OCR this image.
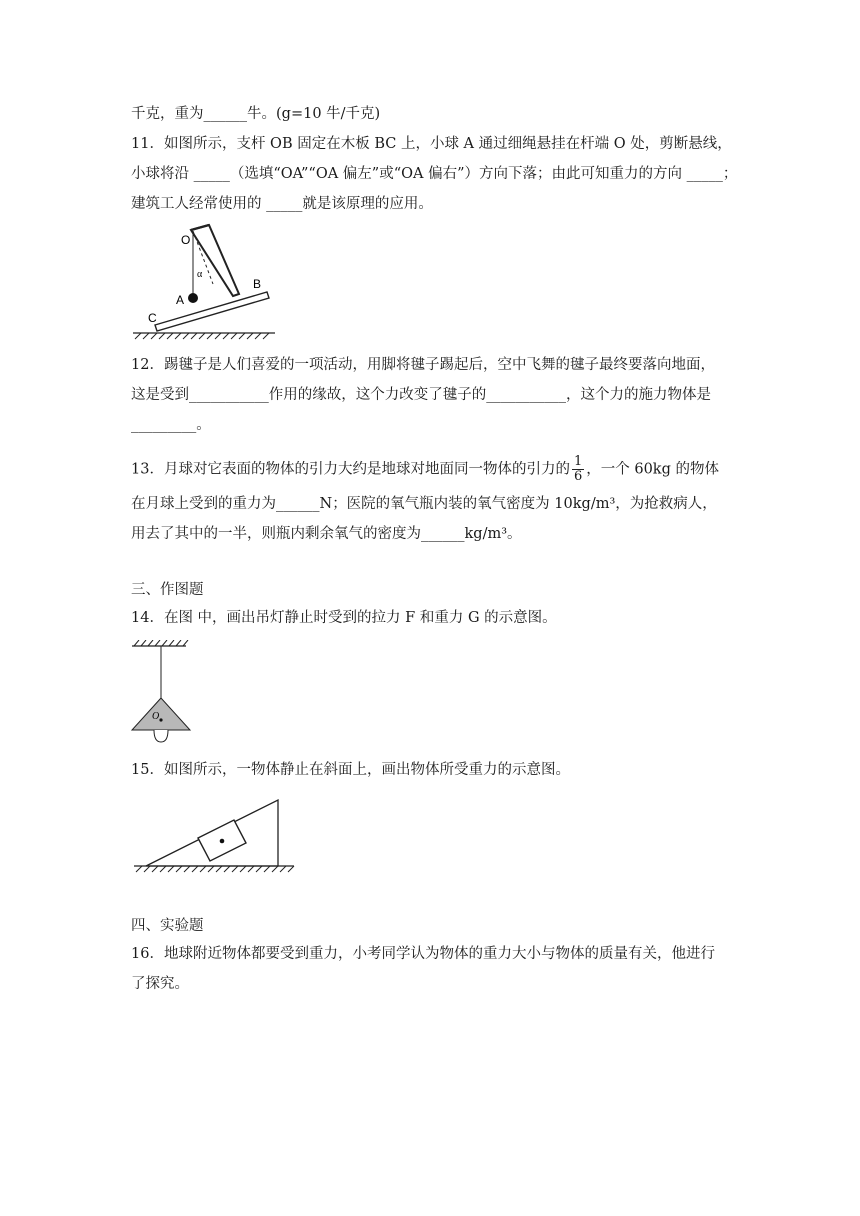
千克，重为______牛。(g=10 牛/千克)
11．如图所示，支杆 OB 固定在木板 BC 上，小球 A 通过细绳悬挂在杆端 O 处，剪断悬线，
小球将沿 _____（选填“OA”“OA 偏左”或“OA 偏右”）方向下落；由此可知重力的方向 _____；
建筑工人经常使用的 _____就是该原理的应用。
O
α
A
B
C
12．踢毽子是人们喜爱的一项活动，用脚将毽子踢起后，空中飞舞的毽子最终要落向地面，
这是受到___________作用的缘故，这个力改变了毽子的___________，这个力的施力物体是
_________。
13．月球对它表面的物体的引力大约是地球对地面同一物体的引力的 $\frac{1}{6}$ ，一个 60kg 的物体
在月球上受到的重力为______N；医院的氧气瓶内装的氧气密度为 10kg/m³，为抢救病人，
用去了其中的一半，则瓶内剩余氧气的密度为______kg/m³。
三、作图题
14．在图 中，画出吊灯静止时受到的拉力 F 和重力 G 的示意图。
O
15．如图所示，一物体静止在斜面上，画出物体所受重力的示意图。
四、实验题
16．地球附近物体都要受到重力，小考同学认为物体的重力大小与物体的质量有关，他进行
了探究。
